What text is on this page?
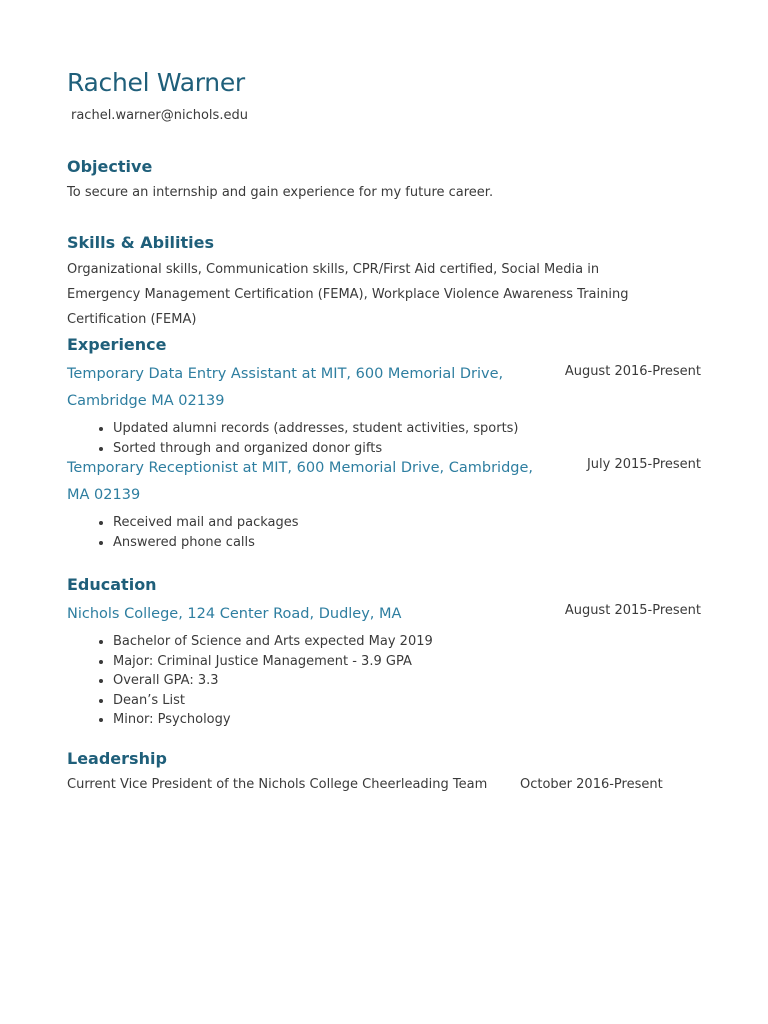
Rachel Warner
rachel.warner@nichols.edu
Objective
To secure an internship and gain experience for my future career.
Skills & Abilities
Organizational skills, Communication skills, CPR/First Aid certified, Social Media in Emergency Management Certification (FEMA), Workplace Violence Awareness Training Certification (FEMA)
Experience
Temporary Data Entry Assistant at MIT, 600 Memorial Drive, Cambridge MA 02139
August 2016-Present
• Updated alumni records (addresses, student activities, sports)
• Sorted through and organized donor gifts
Temporary Receptionist at MIT, 600 Memorial Drive, Cambridge, MA 02139
July 2015-Present
• Received mail and packages
• Answered phone calls
Education
Nichols College, 124 Center Road, Dudley, MA	August 2015-Present
• Bachelor of Science and Arts expected May 2019
• Major: Criminal Justice Management - 3.9 GPA
• Overall GPA: 3.3
• Dean’s List
• Minor: Psychology
Leadership
Current Vice President of the Nichols College Cheerleading Team	October 2016-Present
